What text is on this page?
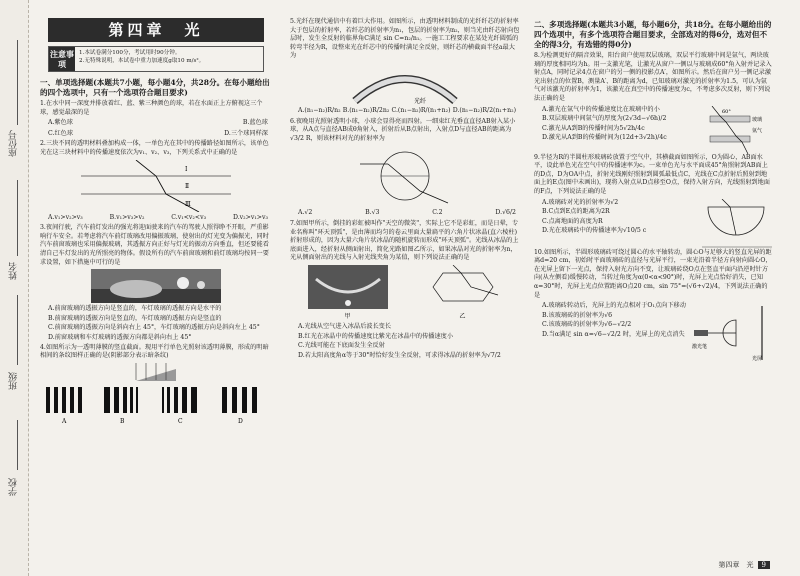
学校
班级
姓名
座位号
第四章　光
注意事项
1.本试卷满分100分，考试用时90分钟。
2.无特殊说明，本试卷中重力加速度g取10 m/s²。
一、单项选择题(本题共7小题，每小题4分，共28分。在每小题给出的四个选项中，只有一个选项符合题目要求)
1.在水中同一深度并排放着红、蓝、紫三种颜色的球，若在水面正上方俯视这三个球，感觉最深的是
A.紫色球	B.蓝色球
C.红色球	D.三个球同样深
2.三块不同的透明材料叠加构成一体，一单色光在其中的传播路径如图所示，该单色光在这三块材料中的传播速度依次为v₁、v₂、v₃，下列关系式中正确的是
Ⅰ
Ⅱ
Ⅲ
A.v₁>v₂>v₃	B.v₁>v₃>v₂	C.v₁<v₂<v₃	D.v₂>v₁>v₃
3.夜间行驶，汽车前灯发出的强光将迎面驶来的汽车的驾驶人照得睁不开眼，严重影响行车安全。若考虑将汽车前灯玻璃改用偏振玻璃，使射出的灯光变为偏振光，同时汽车前窗玻璃也采用偏振玻璃，其透振方向正好与灯光的振动方向垂直，但还要能看清自己车灯发出的光所照亮的物体。假设所有的汽车前窗玻璃和前灯玻璃均按同一要求设置，如下措施中可行的是
A.前窗玻璃的透振方向是竖直的，车灯玻璃的透振方向是水平的
B.前窗玻璃的透振方向是竖直的，车灯玻璃的透振方向是竖直的
C.前窗玻璃的透振方向是斜向右上 45°，车灯玻璃的透振方向是斜向左上 45°
D.前窗玻璃和车灯玻璃的透振方向都是斜向右上 45°
4.如图所示为一透明薄膜的竖直截面。现用平行单色光照射该透明薄膜，形成的明暗相间的条纹图样正确的是(阴影部分表示暗条纹)
A	B	C	D
5.光纤在现代通信中有着巨大作用。如图所示，由透明材料制成的光纤纤芯的折射率大于包层的折射率，若纤芯的折射率为n₁，包层的折射率为n₂，则当光由纤芯射向包层时，发生全反射的临界角C满足 sin C=n₂/n₁。一施工工程要求在某处光纤圆弧的转弯半径为R，设整束光在纤芯中的传播时满足全反射，则纤芯的横截面半径a最大为
光纤
A.(n₁−n₂)R/n₂ B.(n₁−n₂)R/2n₂ C.(n₁−n₂)R/(n₁+n₂) D.(n₁−n₂)R/2(n₁+n₂)
6.夜晚用光照射透明小球，小球会显得亮而四射。一细束红光垂直直径AB射入某小球，从A点与直径AB成θ角射入，折射后从B点射出，入射点D与直径AB的距离为√3/2 R，则该材料对光的折射率为
A.√2	B.√3	C.2	D.√6/2
7.如图甲所示，倒挂的彩虹被叫作"天空的微笑"，实际上它不是彩虹，而是日晕，专业名称叫"环天顶弧"，是由薄而均匀的卷云里面大量扁平的六角片状冰晶(直六棱柱)折射形成的，因为大量六角片状冰晶的随机旋转而形成"环天顶弧"。光线从冰晶的上底面进入，经折射从侧面射出，简化光路如图乙所示，如果冰晶对光的折射率为n，光从侧面射出的光线与入射光线夹角为某值，则下列说法正确的是
甲	乙
A.光线从空气进入冰晶后波长变长
B.红光在冰晶中的传播速度比紫光在冰晶中的传播速度小
C.光线可能在下底面发生全反射
D.若太阳高度角α等于30°时恰好发生全反射，可求得冰晶的折射率为√7/2
二、多项选择题(本题共3小题，每小题6分，共18分。在每小题给出的四个选项中，有多个选项符合题目要求，全部选对的得6分，选对但不全的得3分，有选错的得0分)
8.为检测更好的隔音效果，阳台窗户使用双层玻璃，双层平行玻璃中间是氩气，两块玻璃的厚度相同均为h。用一支激光笔，让激光从窗户一侧以与玻璃成60°角入射并记录入射点A，同时记录4点在窗户的另一侧的投影点A′，如图所示。然后在窗户另一侧记录激光出射点的位置B，测量A′、B的距离为d，已知玻璃对激光的折射率为1.5，可认为氩气对该激光的折射率为1，该激光在真空中的传播速度为c，不考虑多次反射，则下列说法正确的是
A.激光在氩气中的传播速度比在玻璃中的小
B.双层玻璃中间氩气的厚度为(2√3d−√6h)/2
C.激光从A到B的传播时间为5√2h/4c
D.激光从A到B的传播时间为(12d+3√2h)/4c
60°
玻璃
氩气
9.半径为R的半圆柱形玻璃砖放置于空气中，其横截面如图所示，O为圆心，AB面水平，设此单色光在空气中的传播速率为c。一束单色光与水平面成45°角照射到AB面上的D点，D为OA中点，折射光线刚好照射到圆弧最低点C，光线在C点折射后照射到地面上的E点(图中未画出)，现将入射点从D点移至O点，保持入射方向，光线照射到地面的F点，下列说法正确的是
A.玻璃砖对光的折射率为√2
B.C点到E点的距离为2R
C.点离地面的高度为R
D.光在玻璃砖中的传播速率为√10/5 c
10.如图所示，半圆形玻璃砖可绕过圆心的水平轴转动，圆心O与足够大的竖直光屏的距离d=20 cm，初始时平面玻璃砖的直径与光屏平行，一束光沿着半径方向射向圆心O，在光屏上留下一光点，保持入射光方向不变，让玻璃砖绕O点在竖直平面内沿逆时针方向(从左侧看)缓慢转动，当转过角度为α(0<α<90°)时，光屏上光点恰好消失，已知α=30°时，光屏上光点位置距离O点20 cm，sin 75°=(√6+√2)/4，下列说法正确的是
A.玻璃砖转动后，光屏上的光点相对于O₁点向下移动
B.该玻璃砖的折射率为√6
C.该玻璃砖的折射率为√6−√2/2
D.当α满足 sin α=√6−√2/2 时，光屏上的光点消失
激光笔
光屏
第四章　光 9
